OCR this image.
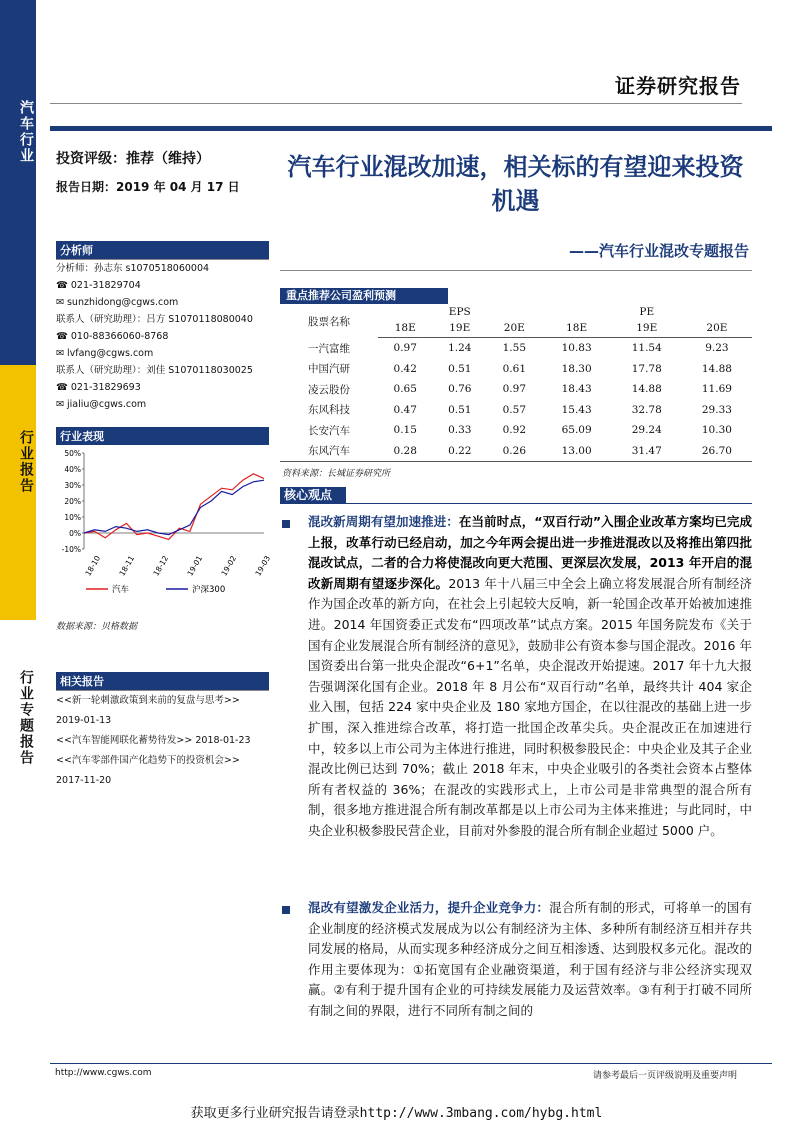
汽车行业
行业报告
行业专题报告
证券研究报告
投资评级：推荐（维持）
报告日期：2019 年 04 月 17 日
分析师
分析师：孙志东 s1070518060004
☎ 021-31829704
✉ sunzhidong@cgws.com
联系人（研究助理）：吕方 S1070118080040
☎ 010-88366060-8768
✉ lvfang@cgws.com
联系人（研究助理）：刘佳 S1070118030025
☎ 021-31829693
✉ jialiu@cgws.com
行业表现
50%
40%
30%
20%
10%
0%
-10%
18-10 18-11 18-12 19-01 19-02 19-03
汽车	沪深300
数据来源：贝格数据
相关报告
<<新一轮刺激政策到来前的复盘与思考>>
2019-01-13
<<汽车智能网联化蓄势待发>> 2018-01-23
<<汽车零部件国产化趋势下的投资机会>>
2017-11-20
汽车行业混改加速，相关标的有望迎来投资机遇
——汽车行业混改专题报告
重点推荐公司盈利预测
股票名称	EPS			PE		
	18E	19E	20E	18E	19E	20E
一汽富维	0.97	1.24	1.55	10.83	11.54	9.23
中国汽研	0.42	0.51	0.61	18.30	17.78	14.88
凌云股份	0.65	0.76	0.97	18.43	14.88	11.69
东风科技	0.47	0.51	0.57	15.43	32.78	29.33
长安汽车	0.15	0.33	0.92	65.09	29.24	10.30
东风汽车	0.28	0.22	0.26	13.00	31.47	26.70
资料来源：长城证券研究所
核心观点
混改新周期有望加速推进：在当前时点，“双百行动”入围企业改革方案均已完成上报，改革行动已经启动，加之今年两会提出进一步推进混改以及将推出第四批混改试点，二者的合力将使混改向更大范围、更深层次发展，2013 年开启的混改新周期有望逐步深化。2013 年十八届三中全会上确立将发展混合所有制经济作为国企改革的新方向，在社会上引起较大反响，新一轮国企改革开始被加速推进。2014 年国资委正式发布“四项改革”试点方案。2015 年国务院发布《关于国有企业发展混合所有制经济的意见》，鼓励非公有资本参与国企混改。2016 年国资委出台第一批央企混改“6+1”名单，央企混改开始提速。2017 年十九大报告强调深化国有企业。2018 年 8 月公布“双百行动”名单，最终共计 404 家企业入围，包括 224 家中央企业及 180 家地方国企，在以往混改的基础上进一步扩围，深入推进综合改革，将打造一批国企改革尖兵。央企混改正在加速进行中，较多以上市公司为主体进行推进，同时积极参股民企：中央企业及其子企业混改比例已达到 70%；截止 2018 年末，中央企业吸引的各类社会资本占整体所有者权益的 36%；在混改的实践形式上，上市公司是非常典型的混合所有制，很多地方推进混合所有制改革都是以上市公司为主体来推进；与此同时，中央企业积极参股民营企业，目前对外参股的混合所有制企业超过 5000 户。
混改有望激发企业活力，提升企业竞争力：混合所有制的形式，可将单一的国有企业制度的经济模式发展成为以公有制经济为主体、多种所有制经济互相并存共同发展的格局，从而实现多种经济成分之间互相渗透、达到股权多元化。混改的作用主要体现为：①拓宽国有企业融资渠道，利于国有经济与非公经济实现双赢。②有利于提升国有企业的可持续发展能力及运营效率。③有利于打破不同所有制之间的界限，进行不同所有制之间的
http://www.cgws.com	请参考最后一页评级说明及重要声明
获取更多行业研究报告请登录http://www.3mbang.com/hybg.html
